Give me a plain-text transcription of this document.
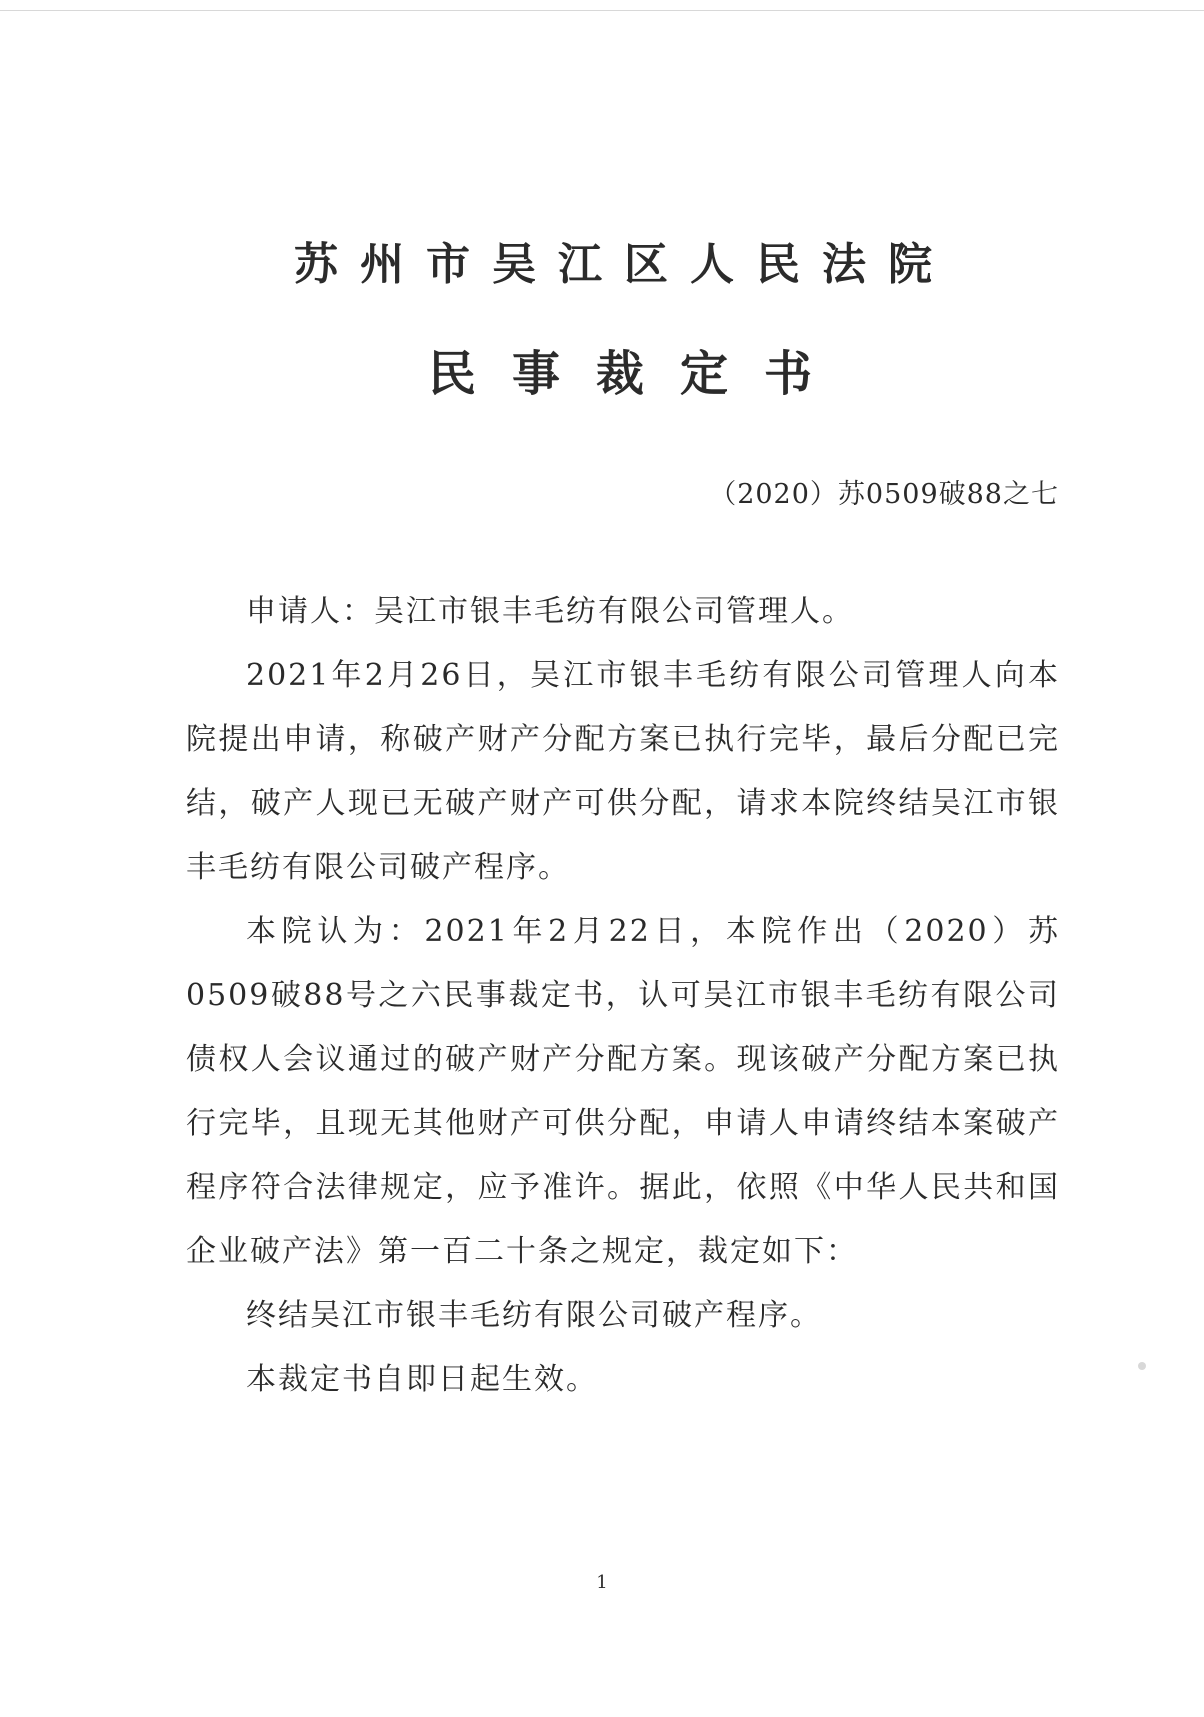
苏州市吴江区人民法院
民事裁定书
（2020）苏0509破88之七

申请人：吴江市银丰毛纺有限公司管理人。

2021年2月26日，吴江市银丰毛纺有限公司管理人向本院提出申请，称破产财产分配方案已执行完毕，最后分配已完结，破产人现已无破产财产可供分配，请求本院终结吴江市银丰毛纺有限公司破产程序。

本院认为：2021年2月22日，本院作出（2020）苏0509破88号之六民事裁定书，认可吴江市银丰毛纺有限公司债权人会议通过的破产财产分配方案。现该破产分配方案已执行完毕，且现无其他财产可供分配，申请人申请终结本案破产程序符合法律规定，应予准许。据此，依照《中华人民共和国企业破产法》第一百二十条之规定，裁定如下：

终结吴江市银丰毛纺有限公司破产程序。

本裁定书自即日起生效。

1
